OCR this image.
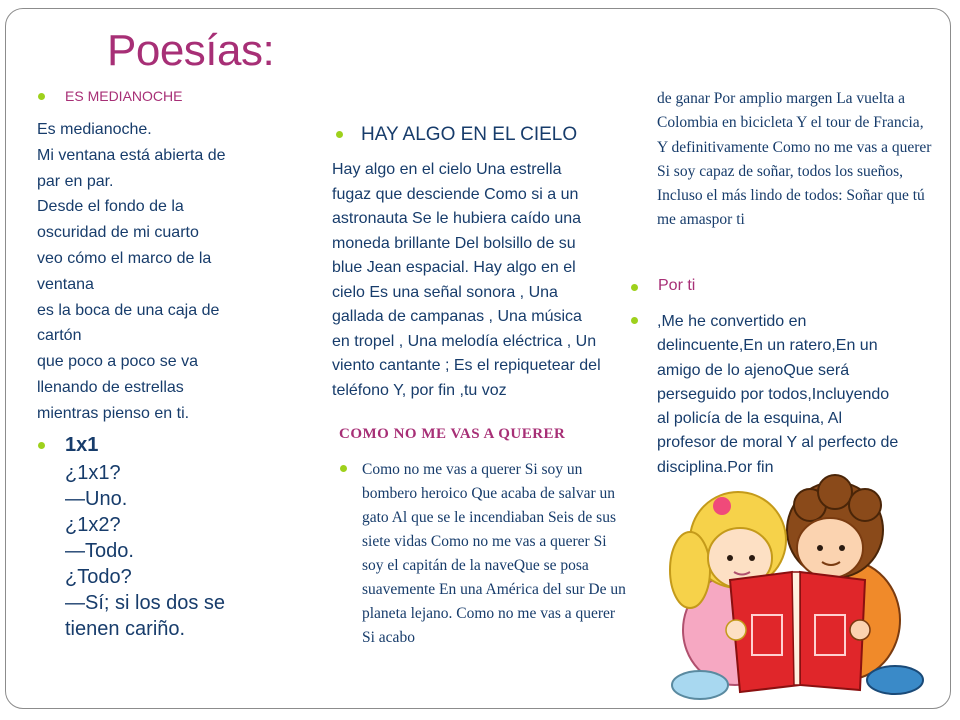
Poesías:
ES MEDIANOCHE
Es medianoche.
Mi ventana está abierta de
par en par.
Desde el fondo de la
oscuridad de mi cuarto
veo cómo el marco de la
ventana
es la boca de una caja de
cartón
que poco a poco se va
llenando de estrellas
mientras pienso en ti.
1x1
¿1x1?
—Uno.
¿1x2?
—Todo.
¿Todo?
—Sí; si los dos se
tienen cariño.
HAY ALGO EN EL CIELO
Hay algo en el cielo Una estrella
fugaz que desciende Como si a un
astronauta Se le hubiera caído una
moneda brillante Del bolsillo de su
blue Jean espacial. Hay algo en el
cielo Es una señal sonora , Una
gallada de campanas , Una música
en tropel , Una melodía eléctrica , Un
viento cantante ; Es el repiquetear del
teléfono Y, por fin ,tu voz
COMO NO ME VAS A QUERER
Como no me vas a querer Si soy un bombero heroico Que acaba de salvar un gato Al que se le incendiaban Seis de sus siete vidas Como no me vas a querer Si soy el capitán de la naveQue se posa suavemente En una América del sur De un planeta lejano. Como no me vas a querer Si acabo
de ganar Por amplio margen La vuelta a Colombia en bicicleta Y el tour de Francia, Y definitivamente Como no me vas a querer Si soy capaz de soñar, todos los sueños, Incluso el más lindo de todos: Soñar que tú me amaspor ti
Por ti
,Me he convertido en
delincuente,En un ratero,En un
amigo de lo ajenoQue será
perseguido por todos,Incluyendo
al policía de la esquina, Al
profesor de moral Y al perfecto de
disciplina.Por fin
